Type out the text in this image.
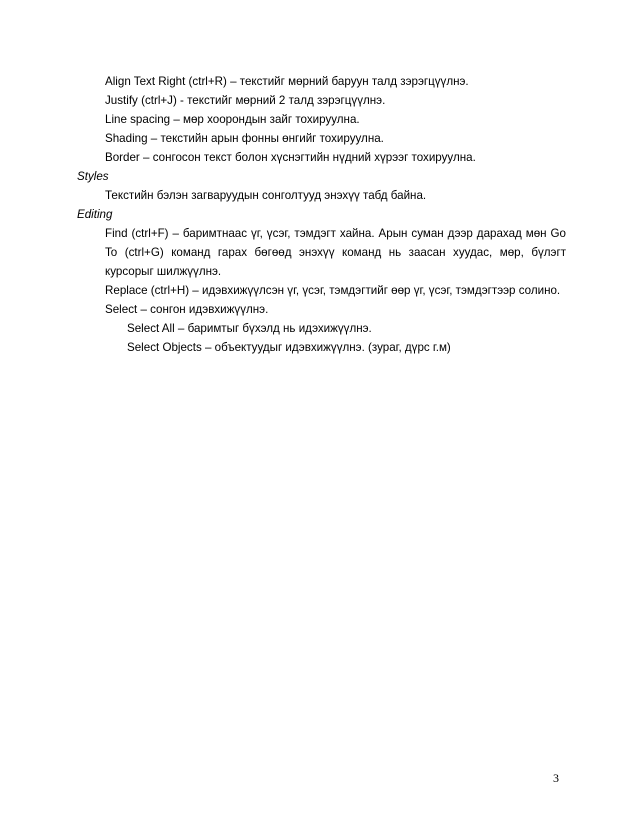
Align Text Right (ctrl+R) – текстийг мөрний баруун талд зэрэгцүүлнэ.
Justify (ctrl+J) - текстийг мөрний 2 талд зэрэгцүүлнэ.
Line spacing – мөр хоорондын зайг тохируулна.
Shading – текстийн арын фонны өнгийг тохируулна.
Border – сонгосон текст болон хүснэгтийн нүдний хүрээг тохируулна.
Styles
Текстийн бэлэн загваруудын сонголтууд энэхүү табд байна.
Editing
Find (ctrl+F) – баримтнаас үг, үсэг, тэмдэгт хайна. Арын суман дээр дарахад мөн Go To (ctrl+G) команд гарах бөгөөд энэхүү команд нь заасан хуудас, мөр, бүлэгт курсорыг шилжүүлнэ.
Replace (ctrl+H) – идэвхижүүлсэн үг, үсэг, тэмдэгтийг өөр үг, үсэг, тэмдэгтээр солино.
Select – сонгон идэвхижүүлнэ.
Select All – баримтыг бүхэлд нь идэхижүүлнэ.
Select Objects – объектуудыг идэвхижүүлнэ. (зураг, дүрс г.м)
3
